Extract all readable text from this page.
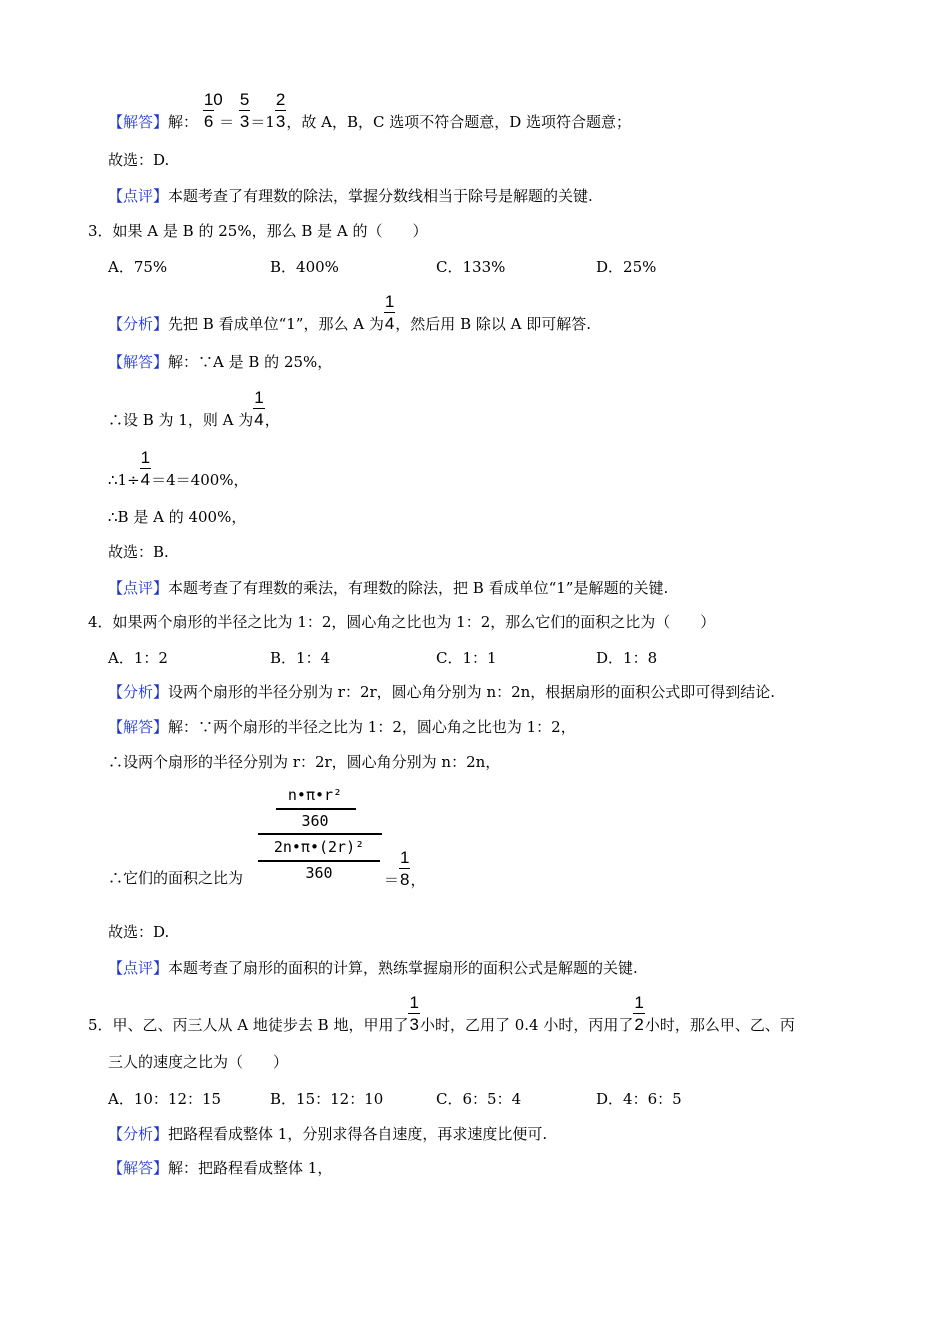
【解答】解： $\frac{10}{6} = \frac{5}{3}=1 \frac{2}{3}$，故 A，B，C 选项不符合题意，D 选项符合题意；
故选：D.
【点评】本题考查了有理数的除法，掌握分数线相当于除号是解题的关键.
3．如果 A 是 B 的 25%，那么 B 是 A 的（　　）
A．75%	B．400%	C．133%	D．25%
【分析】先把 B 看成单位“1”，那么 A 为 $\frac{1}{4}$，然后用 B 除以 A 即可解答.
【解答】解：∵A 是 B 的 25%，
∴设 B 为 1，则 A 为 $\frac{1}{4}$，
∴1÷ $\frac{1}{4}=4=400\%$，
∴B 是 A 的 400%，
故选：B.
【点评】本题考查了有理数的乘法，有理数的除法，把 B 看成单位“1”是解题的关键.
4．如果两个扇形的半径之比为 1：2，圆心角之比也为 1：2，那么它们的面积之比为（　　）
A．1：2	B．1：4	C．1：1	D．1：8
【分析】设两个扇形的半径分别为 r：2r，圆心角分别为 n：2n，根据扇形的面积公式即可得到结论.
【解答】解：∵两个扇形的半径之比为 1：2，圆心角之比也为 1：2，
∴设两个扇形的半径分别为 r：2r，圆心角分别为 n：2n，
∴它们的面积之比为
n•π•r²
360
2n•π•(2r)²
360	＝ $\frac{1}{8}$，
故选：D.
【点评】本题考查了扇形的面积的计算，熟练掌握扇形的面积公式是解题的关键.
5．甲、乙、丙三人从 A 地徒步去 B 地，甲用了 $\frac{1}{3}$小时，乙用了 0.4 小时，丙用了 $\frac{1}{2}$小时，那么甲、乙、丙
三人的速度之比为（　　）
A．10：12：15	B．15：12：10	C．6：5：4	D．4：6：5
【分析】把路程看成整体 1，分别求得各自速度，再求速度比便可.
【解答】解：把路程看成整体 1，
